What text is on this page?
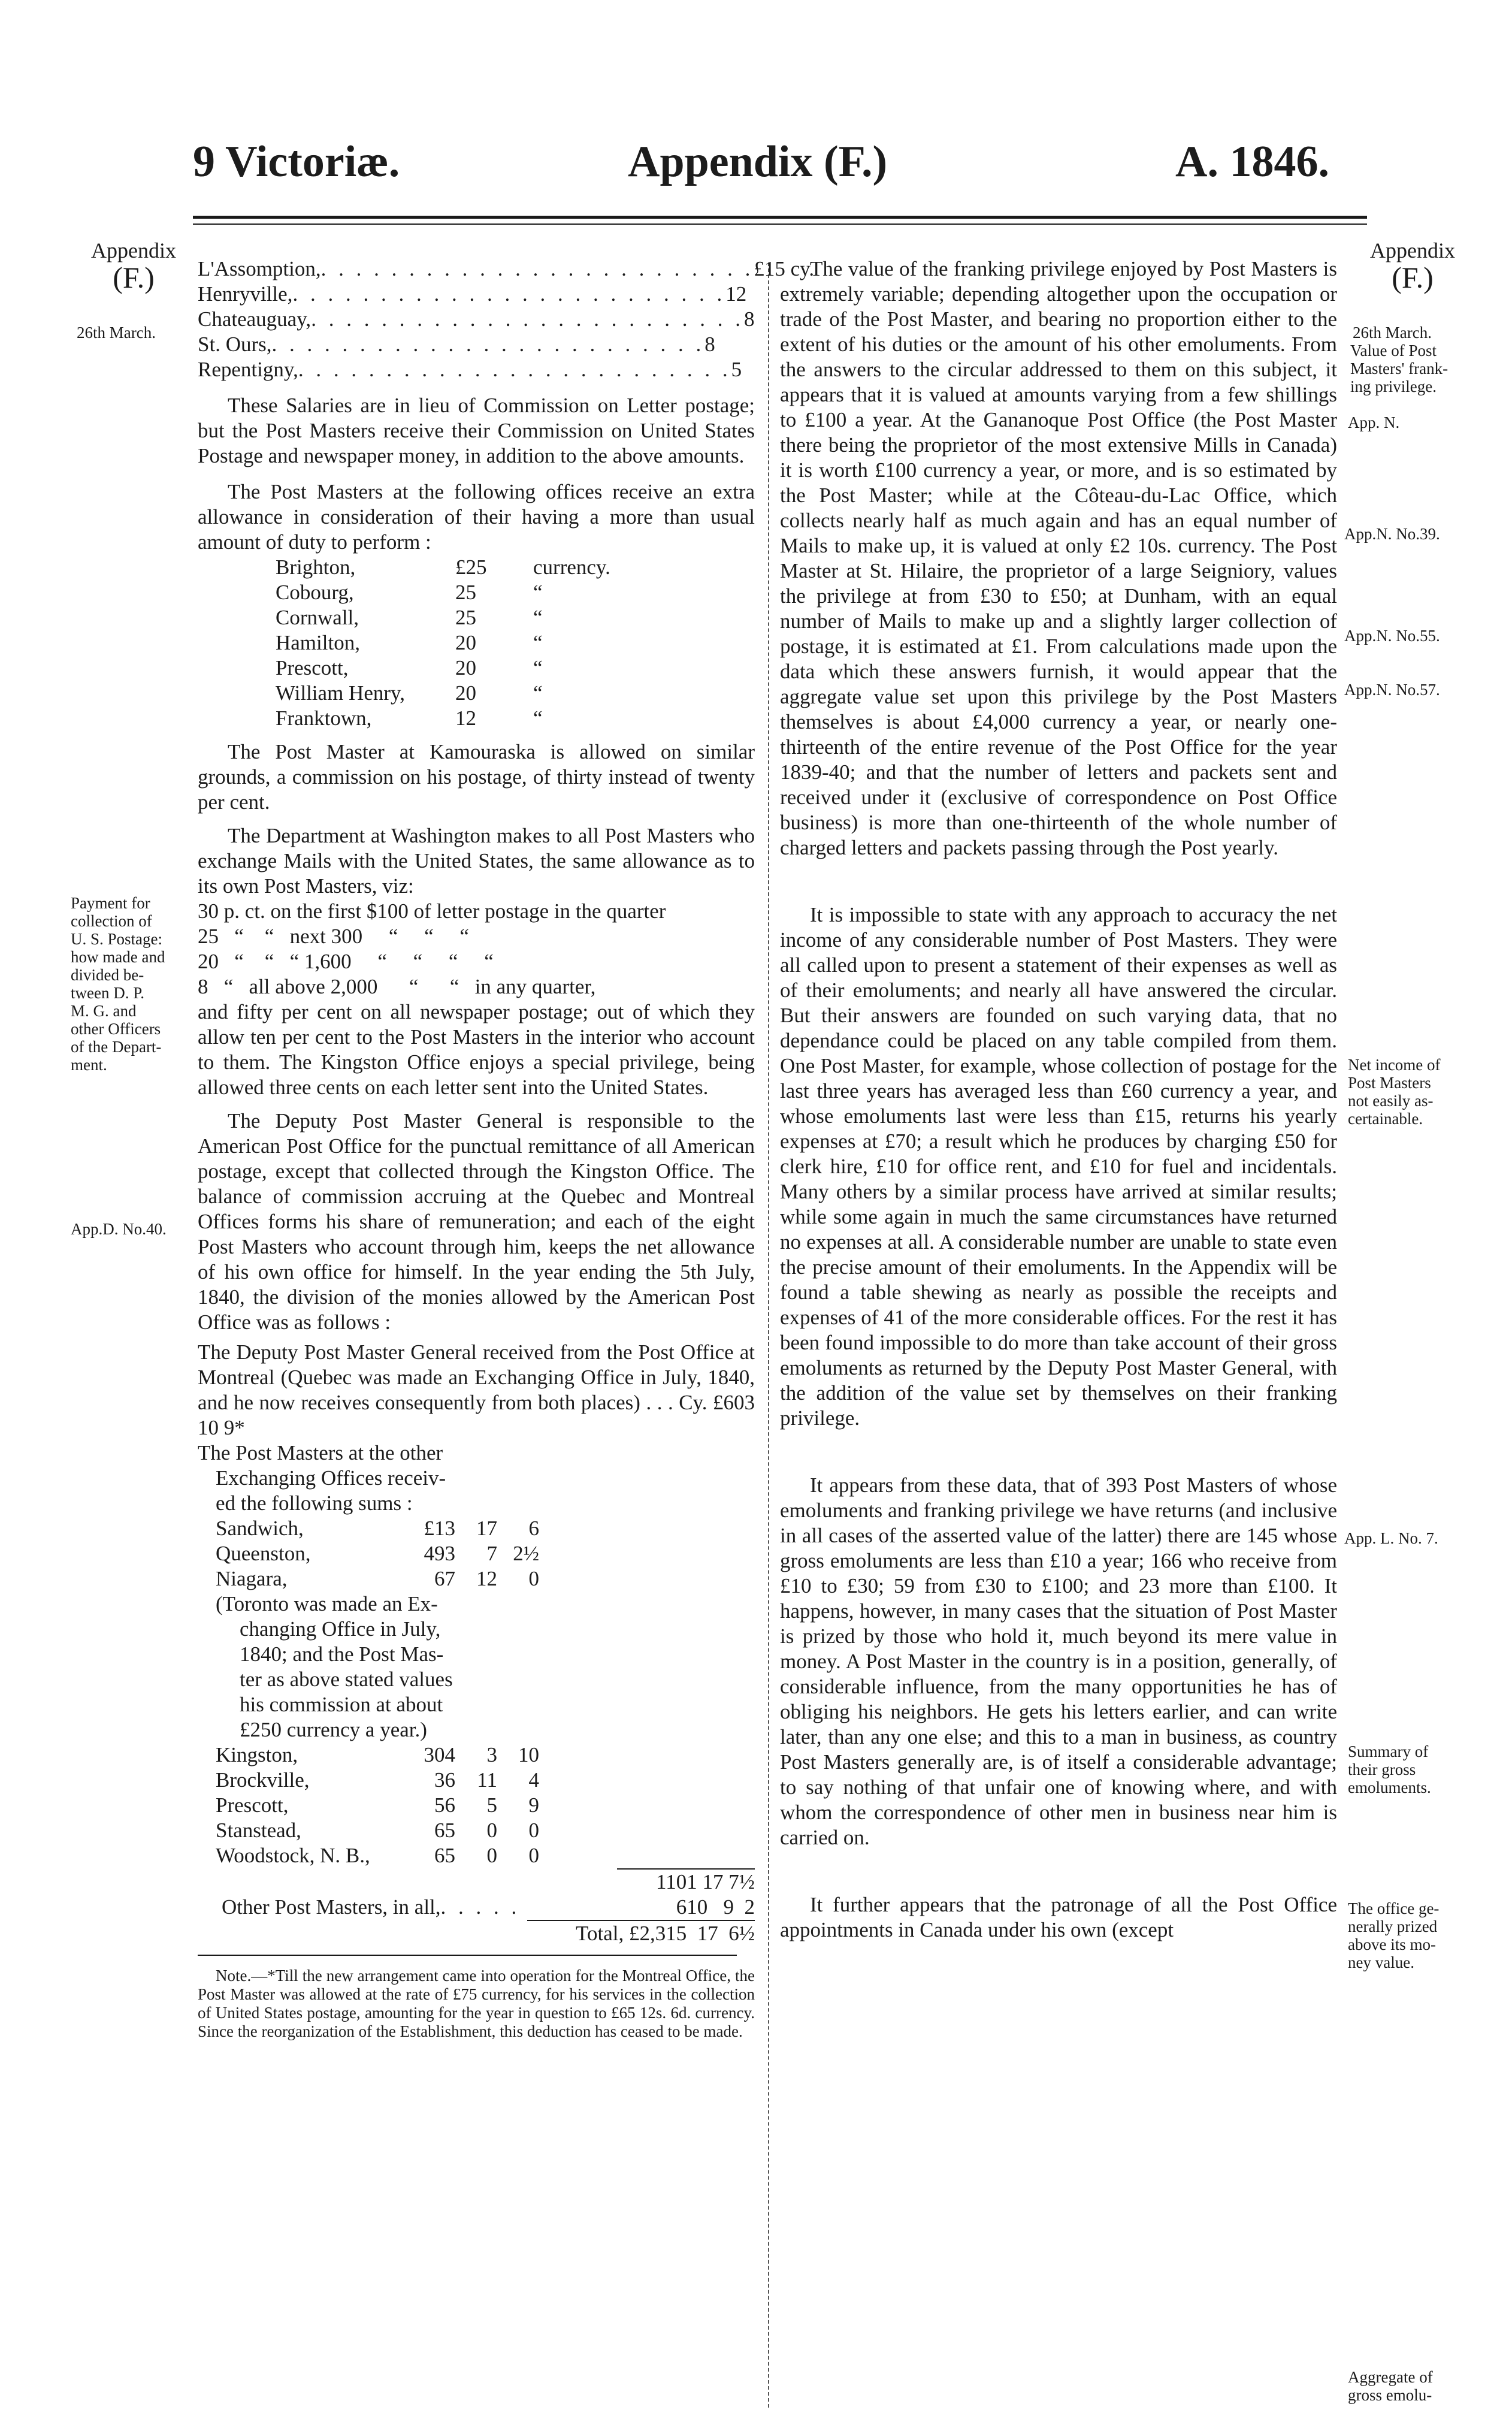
9 Victoriæ.	Appendix (F.)	A. 1846.
Appendix
(F.)
26th March.
Payment for
collection of
U. S. Postage:
how made and
divided be-
tween D. P.
M. G. and
other Officers
of the Depart-
ment.
App.D. No.40.
L'Assomption, . . . . . . . . . . . . . . . . . . . . . . . . . £15 cy.
Henryville, . . . . . . . . . . . . . . . . . . . . . . . . . 12
Chateauguay, . . . . . . . . . . . . . . . . . . . . . . . . . 8
St. Ours, . . . . . . . . . . . . . . . . . . . . . . . . . 8
Repentigny, . . . . . . . . . . . . . . . . . . . . . . . . . 5

These Salaries are in lieu of Commission on Letter postage; but the Post Masters receive their Commission on United States Postage and newspaper money, in addition to the above amounts.

The Post Masters at the following offices receive an extra allowance in consideration of their having a more than usual amount of duty to perform :

Brighton,	£25	currency.
Cobourg,	25	“
Cornwall,	25	“
Hamilton,	20	“
Prescott,	20	“
William Henry,	20	“
Franktown,	12	“

The Post Master at Kamouraska is allowed on similar grounds, a commission on his postage, of thirty instead of twenty per cent.

The Department at Washington makes to all Post Masters who exchange Mails with the United States, the same allowance as to its own Post Masters, viz:

30 p. ct. on the first $100 of letter postage in the quarter
25   “    “   next 300     “     “     “
20   “    “   “ 1,600     “     “     “     “
8   “   all above 2,000      “      “   in any quarter,
and fifty per cent on all newspaper postage; out of which they allow ten per cent to the Post Masters in the interior who account to them. The Kingston Office enjoys a special privilege, being allowed three cents on each letter sent into the United States.

The Deputy Post Master General is responsible to the American Post Office for the punctual remittance of all American postage, except that collected through the Kingston Office. The balance of commission accruing at the Quebec and Montreal Offices forms his share of remuneration; and each of the eight Post Masters who account through him, keeps the net allowance of his own office for himself. In the year ending the 5th July, 1840, the division of the monies allowed by the American Post Office was as follows :

The Deputy Post Master General received from the Post Office at Montreal (Quebec was made an Exchanging Office in July, 1840, and he now receives consequently from both places) . . . Cy. £603 10 9*
The Post Masters at the other
Exchanging Offices receiv-
ed the following sums :
Sandwich,	£13	17	6
Queenston,	493	7	2½
Niagara,	67	12	0
(Toronto was made an Ex-
changing Office in July,
1840; and the Post Mas-
ter as above stated values
his commission at about
£250 currency a year.)
Kingston,	304	3	10
Brockville,	36	11	4
Prescott,	56	5	9
Stanstead,	65	0	0
Woodstock, N. B.,	65	0	0
1101 17 7½
Other Post Masters, in all, . . . . .	610   9  2
Total, £2,315  17  6½
Note.—*Till the new arrangement came into operation for the Montreal Office, the Post Master was allowed at the rate of £75 currency, for his services in the collection of United States postage, amounting for the year in question to £65 12s. 6d. currency. Since the reorganization of the Establishment, this deduction has ceased to be made.

The value of the franking privilege enjoyed by Post Masters is extremely variable; depending altogether upon the occupation or trade of the Post Master, and bearing no proportion either to the extent of his duties or the amount of his other emoluments. From the answers to the circular addressed to them on this subject, it appears that it is valued at amounts varying from a few shillings to £100 a year. At the Gananoque Post Office (the Post Master there being the proprietor of the most extensive Mills in Canada) it is worth £100 currency a year, or more, and is so estimated by the Post Master; while at the Côteau-du-Lac Office, which collects nearly half as much again and has an equal number of Mails to make up, it is valued at only £2 10s. currency. The Post Master at St. Hilaire, the proprietor of a large Seigniory, values the privilege at from £30 to £50; at Dunham, with an equal number of Mails to make up and a slightly larger collection of postage, it is estimated at £1. From calculations made upon the data which these answers furnish, it would appear that the aggregate value set upon this privilege by the Post Masters themselves is about £4,000 currency a year, or nearly one-thirteenth of the entire revenue of the Post Office for the year 1839-40; and that the number of letters and packets sent and received under it (exclusive of correspondence on Post Office business) is more than one-thirteenth of the whole number of charged letters and packets passing through the Post yearly.

It is impossible to state with any approach to accuracy the net income of any considerable number of Post Masters. They were all called upon to present a statement of their expenses as well as of their emoluments; and nearly all have answered the circular. But their answers are founded on such varying data, that no dependance could be placed on any table compiled from them. One Post Master, for example, whose collection of postage for the last three years has averaged less than £60 currency a year, and whose emoluments last were less than £15, returns his yearly expenses at £70; a result which he produces by charging £50 for clerk hire, £10 for office rent, and £10 for fuel and incidentals. Many others by a similar process have arrived at similar results; while some again in much the same circumstances have returned no expenses at all. A considerable number are unable to state even the precise amount of their emoluments. In the Appendix will be found a table shewing as nearly as possible the receipts and expenses of 41 of the more considerable offices. For the rest it has been found impossible to do more than take account of their gross emoluments as returned by the Deputy Post Master General, with the addition of the value set by themselves on their franking privilege.

It appears from these data, that of 393 Post Masters of whose emoluments and franking privilege we have returns (and inclusive in all cases of the asserted value of the latter) there are 145 whose gross emoluments are less than £10 a year; 166 who receive from £10 to £30; 59 from £30 to £100; and 23 more than £100. It happens, however, in many cases that the situation of Post Master is prized by those who hold it, much beyond its mere value in money. A Post Master in the country is in a position, generally, of considerable influence, from the many opportunities he has of obliging his neighbors. He gets his letters earlier, and can write later, than any one else; and this to a man in business, as country Post Masters generally are, is of itself a considerable advantage; to say nothing of that unfair one of knowing where, and with whom the correspondence of other men in business near him is carried on.

It further appears that the patronage of all the Post Office appointments in Canada under his own (except

Appendix
(F.)
26th March.
Value of Post
Masters' frank-
ing privilege.
App. N.
App.N. No.39.
App.N. No.55.
App.N. No.57.
Net income of
Post Masters
not easily as-
certainable.
App. L. No. 7.
Summary of
their gross
emoluments.
The office ge-
nerally prized
above its mo-
ney value.
Aggregate of
gross emolu-
